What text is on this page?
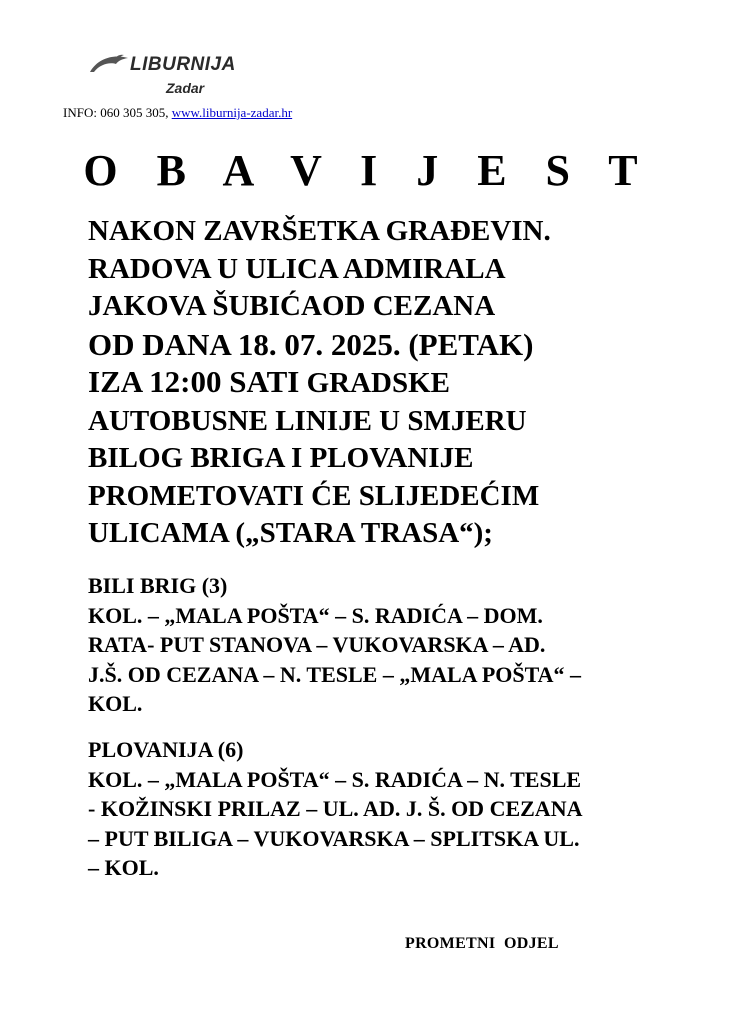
LIBURNIJA
Zadar
INFO: 060 305 305, www.liburnija-zadar.hr
O B A V I J E S T
NAKON ZAVRŠETKA GRAĐEVIN.
RADOVA U ULICA ADMIRALA
JAKOVA ŠUBIĆAOD CEZANA
OD DANA 18. 07. 2025. (PETAK)
IZA 12:00 SATI GRADSKE
AUTOBUSNE LINIJE U SMJERU
BILOG BRIGA I PLOVANIJE
PROMETOVATI ĆE SLIJEDEĆIM
ULICAMA („STARA TRASA“);
BILI BRIG (3)
KOL. – „MALA POŠTA“ – S. RADIĆA – DOM.
RATA- PUT STANOVA – VUKOVARSKA – AD.
J.Š. OD CEZANA – N. TESLE – „MALA POŠTA“ –
KOL.
PLOVANIJA (6)
KOL. – „MALA POŠTA“ – S. RADIĆA – N. TESLE
- KOŽINSKI PRILAZ – UL. AD. J. Š. OD CEZANA
– PUT BILIGA – VUKOVARSKA – SPLITSKA UL.
– KOL.
PROMETNI  ODJEL
